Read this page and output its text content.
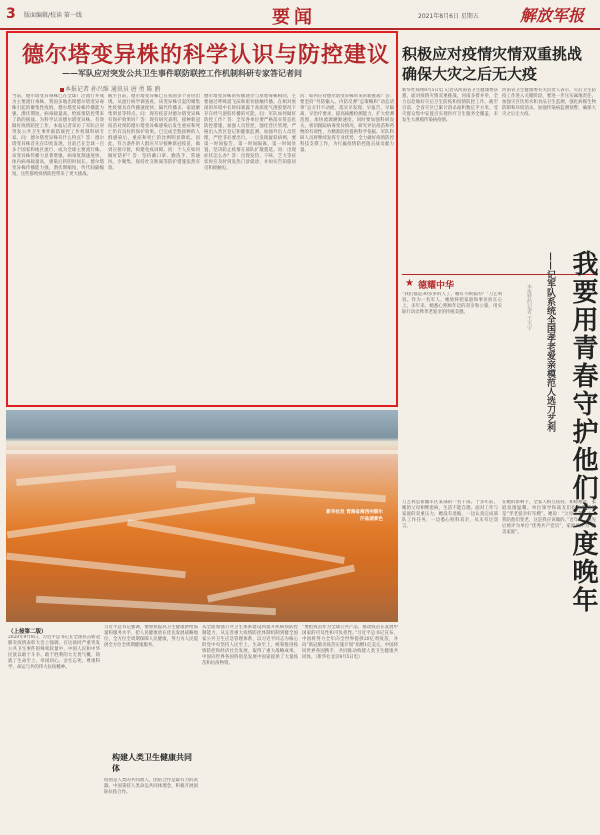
3 版面编辑/校读 第一线	要闻	2021年8月6日 星期五	解放军报
德尔塔变异株的科学认识与防控建议
——军队应对突发公共卫生事件联防联控工作机制科研专家答记者问
本报记者 孙兴维 通讯员 唐 勇 陈 鸥

当前，德尔塔变异毒株已在全球广泛流行并成为主要流行毒株，我国多地出现德尔塔变异毒株引起的聚集性疫情。德尔塔变异株传播能力强、潜伏期短、病毒载量高，给疫情防控带来了新的挑战。为科学认识德尔塔变异株，有效做好疫情防控工作，本报记者采访了军队应对突发公共卫生事件联防联控工作机制科研专家。问：德尔塔变异株有什么特点？答：德尔塔变异株首先在印度发现，目前已在全球一百多个国家和地区流行，成为全球主要流行株。该变异株传播力显著增强，病毒复制速度快，体内病毒载量高，感染后转阴时间长。德尔塔变异株传播能力强，潜伏期缩短，传代间隔缩短，这些都给疫情防控带来了更大挑战。

截至目前，德尔塔变异株已在我国多个省份出现。从流行病学调查看，该变异株引起的聚集性疫情具有传播速度快、隔代传播多、家庭聚集明显等特点。问：现有疫苗对德尔塔变异株有保护效果吗？答：现有研究表明，接种新冠疫苗对预防德尔塔变异株感染后发生重症和死亡仍有良好的保护效果。已完成全程接种的人群感染后，重症和死亡的比例明显降低。因此，符合条件的人群应尽早接种新冠疫苗，做到应接尽接，构建免疫屏障。问：个人应如何做好防护？答：坚持戴口罩、勤洗手、常通风、少聚集、保持社交距离等防护措施依然有效。

德尔塔变异株的传播途径与原始毒株相同，主要通过呼吸道飞沫和密切接触传播。在相对密闭的环境中长时间暴露于高浓度气溶胶情况下存在经气溶胶传播的可能。问：军队如何做好防控工作？答：全军各单位要严格落实常态化防控措施，加强人员管控，强化营区管理，严格出入营区登记和健康监测。加强外出人员管理，严控非必要出行。一旦发现疑似病例，要第一时间报告、第一时间隔离、第一时间处置，坚决防止疫情在部队扩散蔓延。问：出现症状怎么办？答：出现发热、干咳、乏力等症状时应及时到发热门诊就诊，并如实告知旅居史和接触史。

问：如何应对德尔塔变异株带来的新挑战？答：要坚持“外防输入、内防反弹”总策略和“动态清零”总方针不动摇，落实早发现、早报告、早隔离、早治疗要求，提高核酸检测能力，扩大检测范围，加快流调溯源速度。同时要加强科研攻关，密切跟踪病毒变异情况，研究评估疫苗和药物的有效性，为精准防控提供科学依据。军队科研人员将继续发挥专业优势，全力做好疫情防控科技支撑工作，为打赢疫情防控阻击战贡献力量。

积极应对疫情灾情双重挑战 确保大灾之后无大疫

新华社郑州8月5日电 记者从河南省卫生健康委获悉，面对疫情灾情双重挑战，河南多措并举，全力以赴做好灾后卫生防疫和疫情防控工作。截至目前，全省灾区已累计消杀面积数亿平方米，受灾群众集中安置点实现医疗卫生服务全覆盖，未发生大规模传染病疫情。

河南省卫生健康委有关负责人表示，灾后卫生防疫工作进入关键阶段，要进一步压实属地责任，加强灾区饮用水和食品卫生监测，强化病媒生物防制和环境消杀，加强传染病监测预警，确保大灾之后无大疫。

★ 德耀中华

“我们都是30多岁的人了，哪有不顾家的？”刀艺利说。作为一名军人，她始终把家庭和事业放在心上。多年来，她悉心照顾年迈的双亲和公婆，用实际行动诠释孝老爱亲的传统美德。	我要用青春守护他们安度晚年
——记军队系统全国孝老爱亲模范人选刀艺利
本报特约记者 王天宇

刀艺利是新疆军区某部的一名干部。十多年前，她的父母相继患病，生活不能自理。面对工作与家庭的双重压力，她没有退缩，一边认真完成部队工作任务，一边悉心照料双亲，从未有过怨言。

在她的影响下，全家人相互扶持、和睦相处，家庭氛围温馨。单位领导和战友们纷纷称赞她是“孝老爱亲好军嫂”。她说：“父母养我长大，我陪他们变老，这是我应该做的。”近年来，她先后被评为单位“优秀共产党员”，家庭被评为“最美家庭”。

新华社发 青海省海西州察尔汗盐湖景色
（上接第二版）

2020年9月8日，习近平总书记在全国抗击新冠肺炎疫情表彰大会上强调，在这场同严重突发公共卫生事件的殊死较量中，中国人民和中华民族以敢于斗争、敢于胜利的大无畏气概，铸就了生命至上、举国同心、舍生忘死、尊重科学、命运与共的伟大抗疫精神。

习近平总书记强调，要加快提高卫生健康供给质量和服务水平，把人民健康放在优先发展战略地位，全方位全周期保障人民健康，努力为人民提供全方位全周期健康服务。

构建人类卫生健康共同体

疫情是人类的共同敌人，团结合作是最有力的武器。中国秉持人类命运共同体理念，积极开展国际抗疫合作。

从全面加强公共卫生体系建设到提升疾病预防控制能力，从完善重大疫情防控体制机制到健全国家公共卫生应急管理体系，以习近平同志为核心的党中央坚持人民至上、生命至上，统筹推进疫情防控和经济社会发展，取得了重大战略成果。中国向世界各国特别是发展中国家提供了大量疫苗和抗疫物资。

“要把疫苗作为全球公共产品，推动疫苗在发展中国家的可及性和可负担性。”习近平总书记宣布，中国将努力全年向全世界提供20亿剂疫苗，并向“新冠肺炎疫苗实施计划”捐赠1亿美元。中国将同世界各国携手，共同推动构建人类卫生健康共同体。（新华社北京8月5日电）
